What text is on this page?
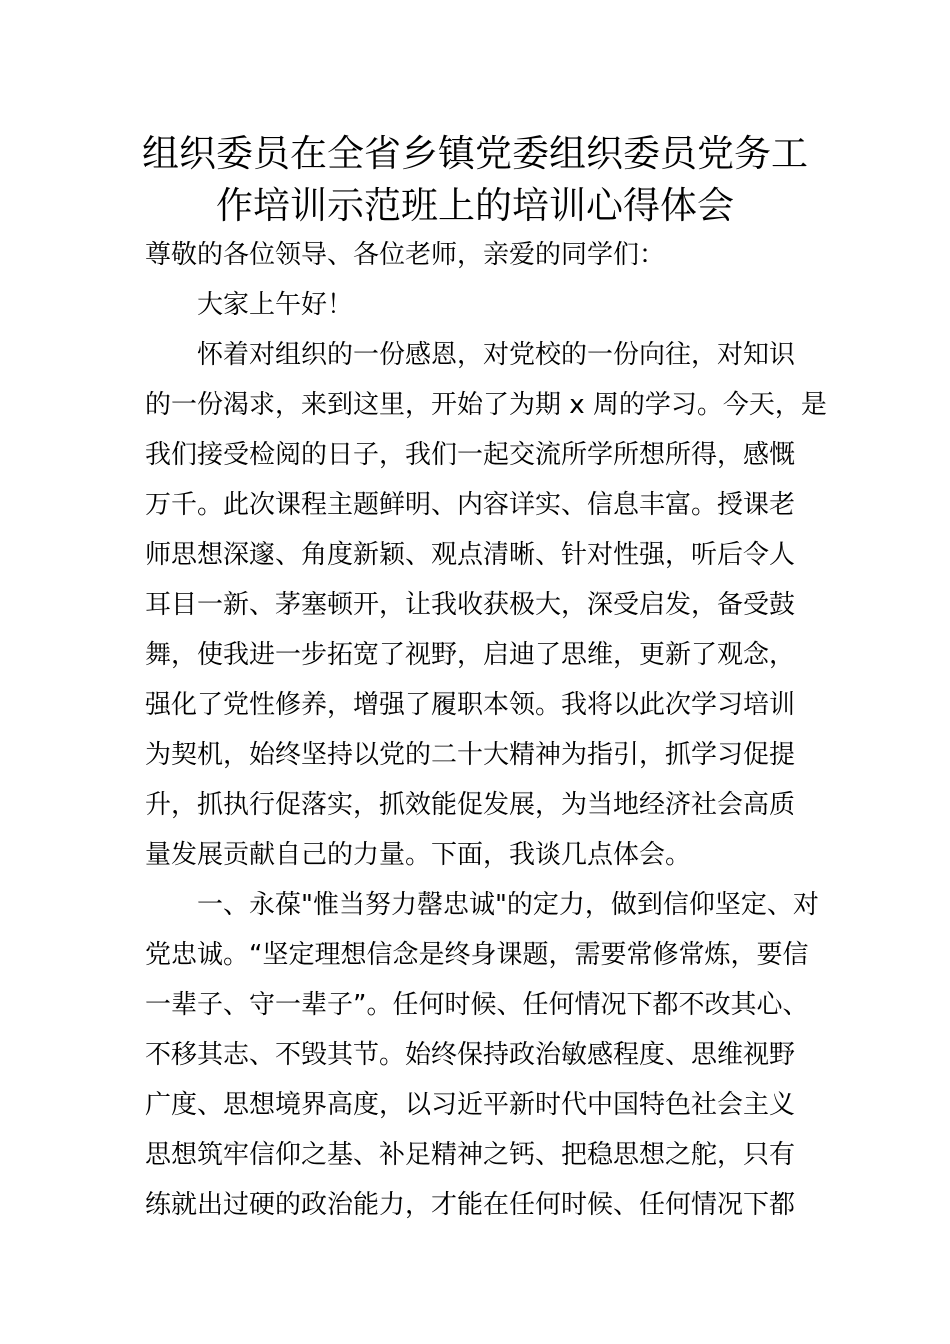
组织委员在全省乡镇党委组织委员党务工
作培训示范班上的培训心得体会

尊敬的各位领导、各位老师，亲爱的同学们：

大家上午好！

怀着对组织的一份感恩，对党校的一份向往，对知识
的一份渴求，来到这里，开始了为期 x 周的学习。今天，是
我们接受检阅的日子，我们一起交流所学所想所得，感慨
万千。此次课程主题鲜明、内容详实、信息丰富。授课老
师思想深邃、角度新颖、观点清晰、针对性强，听后令人
耳目一新、茅塞顿开，让我收获极大，深受启发，备受鼓
舞，使我进一步拓宽了视野，启迪了思维，更新了观念，
强化了党性修养，增强了履职本领。我将以此次学习培训
为契机，始终坚持以党的二十大精神为指引，抓学习促提
升，抓执行促落实，抓效能促发展，为当地经济社会高质
量发展贡献自己的力量。下面，我谈几点体会。

一、永葆"惟当努力罄忠诚"的定力，做到信仰坚定、对
党忠诚。“坚定理想信念是终身课题，需要常修常炼，要信
一辈子、守一辈子”。任何时候、任何情况下都不改其心、
不移其志、不毁其节。始终保持政治敏感程度、思维视野
广度、思想境界高度，以习近平新时代中国特色社会主义
思想筑牢信仰之基、补足精神之钙、把稳思想之舵，只有
练就出过硬的政治能力，才能在任何时候、任何情况下都
